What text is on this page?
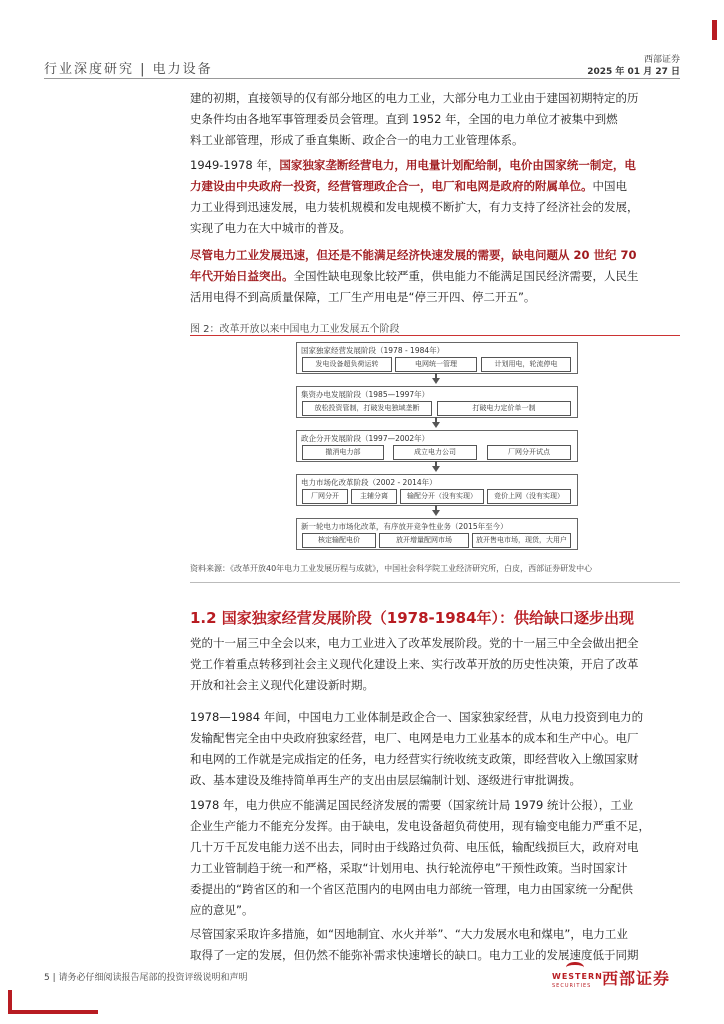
行业深度研究 | 电力设备
西部证券
2025 年 01 月 27 日
建的初期，直接领导的仅有部分地区的电力工业，大部分电力工业由于建国初期特定的历
史条件均由各地军事管理委员会管理。直到 1952 年，全国的电力单位才被集中到燃
料工业部管理，形成了垂直集断、政企合一的电力工业管理体系。
1949-1978 年，国家独家垄断经营电力，用电量计划配给制，电价由国家统一制定，电
力建设由中央政府一投资，经营管理政企合一，电厂和电网是政府的附属单位。中国电
力工业得到迅速发展，电力装机规模和发电规模不断扩大，有力支持了经济社会的发展，
实现了电力在大中城市的普及。
尽管电力工业发展迅速，但还是不能满足经济快速发展的需要，缺电问题从 20 世纪 70
年代开始日益突出。全国性缺电现象比较严重，供电能力不能满足国民经济需要，人民生
活用电得不到高质量保障，工厂生产用电是“停三开四、停二开五”。
图 2：改革开放以来中国电力工业发展五个阶段
国家独家经营发展阶段（1978 - 1984年）
发电设备超负荷运转	电网统一管理	计划用电，轮流停电
集资办电发展阶段（1985—1997年）
放松投资管制，打破发电独域垄断	打破电力定价单一制
政企分开发展阶段（1997—2002年）
撤消电力部	成立电力公司	厂网分开试点
电力市场化改革阶段（2002 - 2014年）
厂网分开	主辅分离	输配分开（没有实现）	竞价上网（没有实现）
新一轮电力市场化改革，有序放开竞争性业务（2015年至今）
核定输配电价	放开增量配网市场	放开售电市场，现货，大用户
资料来源：《改革开放40年电力工业发展历程与成就》，中国社会科学院工业经济研究所，白皮，西部证券研发中心
1.2 国家独家经营发展阶段（1978-1984年）：供给缺口逐步出现
党的十一届三中全会以来，电力工业进入了改革发展阶段。党的十一届三中全会做出把全
党工作着重点转移到社会主义现代化建设上来、实行改革开放的历史性决策，开启了改革
开放和社会主义现代化建设新时期。
1978—1984 年间，中国电力工业体制是政企合一、国家独家经营，从电力投资到电力的
发输配售完全由中央政府独家经营，电厂、电网是电力工业基本的成本和生产中心。电厂
和电网的工作就是完成指定的任务，电力经营实行统收统支政策，即经营收入上缴国家财
政、基本建设及维持简单再生产的支出由层层编制计划、逐级进行审批调拨。
1978 年，电力供应不能满足国民经济发展的需要（国家统计局 1979 统计公报），工业
企业生产能力不能充分发挥。由于缺电，发电设备超负荷使用，现有输变电能力严重不足，
几十万千瓦发电能力送不出去，同时由于线路过负荷、电压低，输配线损巨大，政府对电
力工业管制趋于统一和严格，采取“计划用电、执行轮流停电”干预性政策。当时国家计
委提出的“跨省区的和一个省区范围内的电网由电力部统一管理，电力由国家统一分配供
应的意见”。
尽管国家采取许多措施，如“因地制宜、水火并举”、“大力发展水电和煤电”，电力工业
取得了一定的发展，但仍然不能弥补需求快速增长的缺口。电力工业的发展速度低于同期
5 | 请务必仔细阅读报告尾部的投资评级说明和声明	WESTERN
SECURITIES 西部证券
